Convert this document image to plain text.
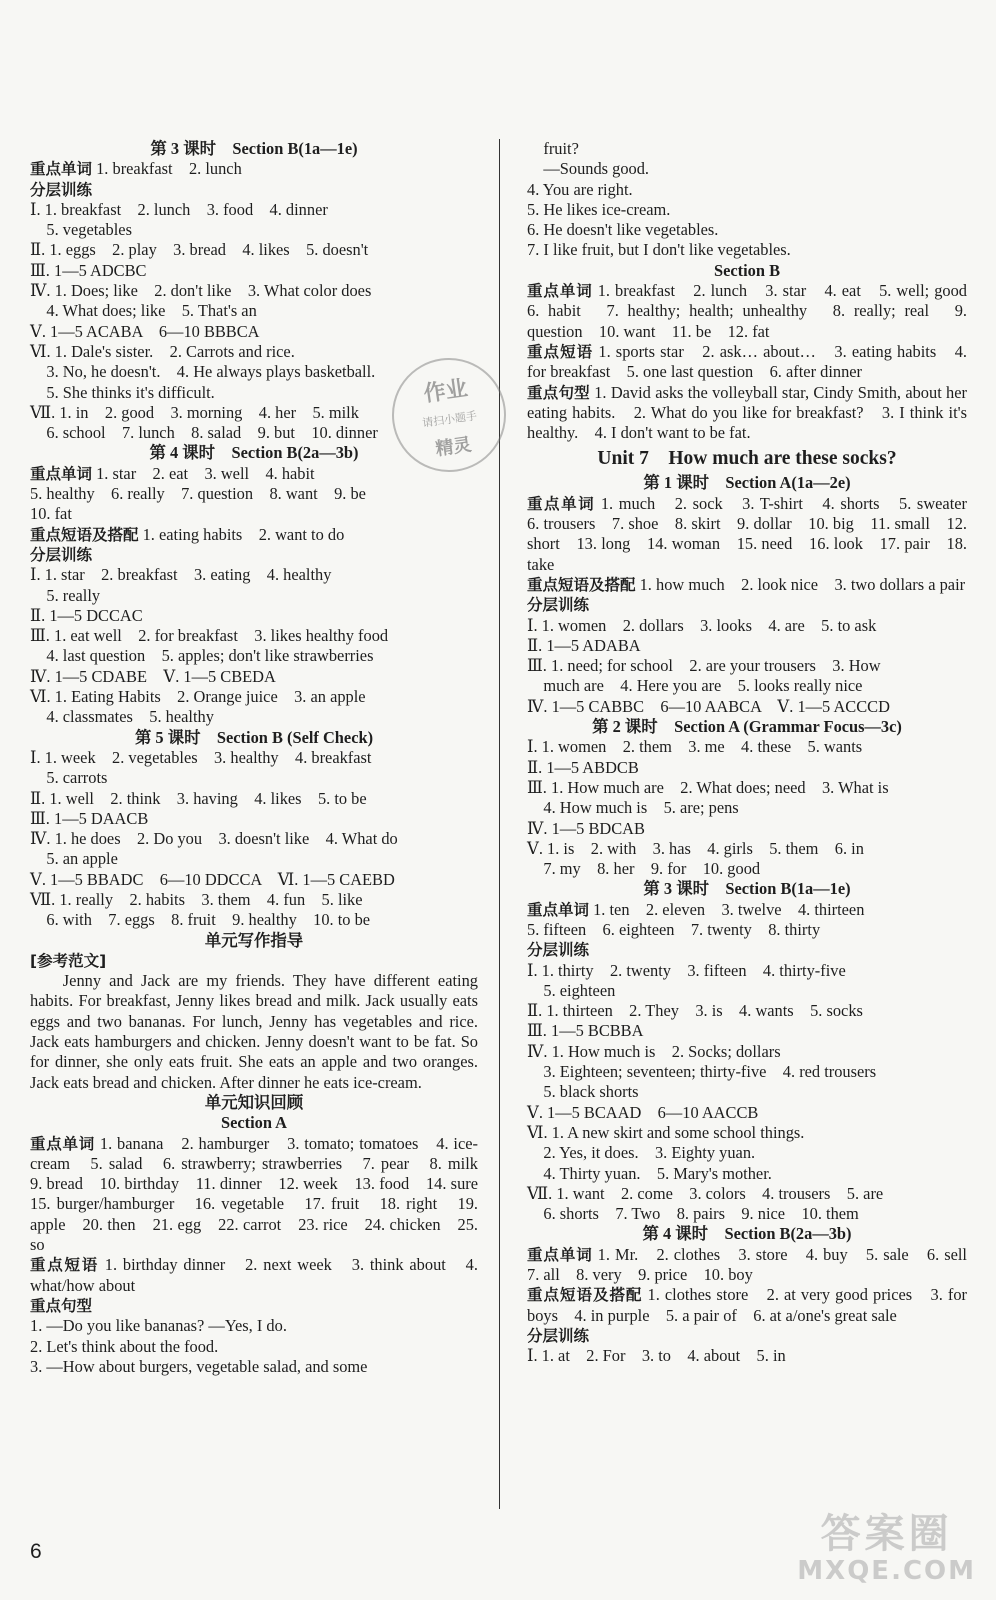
第 3 课时　Section B(1a—1e)
重点单词 1. breakfast　2. lunch
分层训练
Ⅰ. 1. breakfast　2. lunch　3. food　4. dinner
　5. vegetables
Ⅱ. 1. eggs　2. play　3. bread　4. likes　5. doesn't
Ⅲ. 1—5 ADCBC
Ⅳ. 1. Does; like　2. don't like　3. What color does
　4. What does; like　5. That's an
Ⅴ. 1—5 ACABA　6—10 BBBCA
Ⅵ. 1. Dale's sister.　2. Carrots and rice.
　3. No, he doesn't.　4. He always plays basketball.
　5. She thinks it's difficult.
Ⅶ. 1. in　2. good　3. morning　4. her　5. milk
　6. school　7. lunch　8. salad　9. but　10. dinner
第 4 课时　Section B(2a—3b)
重点单词 1. star　2. eat　3. well　4. habit
5. healthy　6. really　7. question　8. want　9. be
10. fat
重点短语及搭配 1. eating habits　2. want to do
分层训练
Ⅰ. 1. star　2. breakfast　3. eating　4. healthy
　5. really
Ⅱ. 1—5 DCCAC
Ⅲ. 1. eat well　2. for breakfast　3. likes healthy food
　4. last question　5. apples; don't like strawberries
Ⅳ. 1—5 CDABE　Ⅴ. 1—5 CBEDA
Ⅵ. 1. Eating Habits　2. Orange juice　3. an apple
　4. classmates　5. healthy
第 5 课时　Section B (Self Check)
Ⅰ. 1. week　2. vegetables　3. healthy　4. breakfast
　5. carrots
Ⅱ. 1. well　2. think　3. having　4. likes　5. to be
Ⅲ. 1—5 DAACB
Ⅳ. 1. he does　2. Do you　3. doesn't like　4. What do
　5. an apple
Ⅴ. 1—5 BBADC　6—10 DDCCA　Ⅵ. 1—5 CAEBD
Ⅶ. 1. really　2. habits　3. them　4. fun　5. like
　6. with　7. eggs　8. fruit　9. healthy　10. to be
单元写作指导
[参考范文]
Jenny and Jack are my friends. They have different eating habits. For breakfast, Jenny likes bread and milk. Jack usually eats eggs and two bananas. For lunch, Jenny has vegetables and rice. Jack eats hamburgers and chicken. Jenny doesn't want to be fat. So for dinner, she only eats fruit. She eats an apple and two oranges. Jack eats bread and chicken. After dinner he eats ice-cream.
单元知识回顾
Section A
重点单词 1. banana　2. hamburger　3. tomato; tomatoes　4. ice-cream　5. salad　6. strawberry; strawberries　7. pear　8. milk　9. bread　10. birthday　11. dinner　12. week　13. food　14. sure　15. burger/hamburger　16. vegetable　17. fruit　18. right　19. apple　20. then　21. egg　22. carrot　23. rice　24. chicken　25. so
重点短语 1. birthday dinner　2. next week　3. think about　4. what/how about
重点句型
1. —Do you like bananas? —Yes, I do.
2. Let's think about the food.
3. —How about burgers, vegetable salad, and some
　fruit?
　—Sounds good.
4. You are right.
5. He likes ice-cream.
6. He doesn't like vegetables.
7. I like fruit, but I don't like vegetables.
Section B
重点单词 1. breakfast　2. lunch　3. star　4. eat　5. well; good　6. habit　7. healthy; health; unhealthy　8. really; real　9. question　10. want　11. be　12. fat
重点短语 1. sports star　2. ask… about…　3. eating habits　4. for breakfast　5. one last question　6. after dinner
重点句型 1. David asks the volleyball star, Cindy Smith, about her eating habits.　2. What do you like for breakfast?　3. I think it's healthy.　4. I don't want to be fat.
Unit 7　How much are these socks?
第 1 课时　Section A(1a—2e)
重点单词 1. much　2. sock　3. T-shirt　4. shorts　5. sweater　6. trousers　7. shoe　8. skirt　9. dollar　10. big　11. small　12. short　13. long　14. woman　15. need　16. look　17. pair　18. take
重点短语及搭配 1. how much　2. look nice　3. two dollars a pair
分层训练
Ⅰ. 1. women　2. dollars　3. looks　4. are　5. to ask
Ⅱ. 1—5 ADABA
Ⅲ. 1. need; for school　2. are your trousers　3. How
　much are　4. Here you are　5. looks really nice
Ⅳ. 1—5 CABBC　6—10 AABCA　Ⅴ. 1—5 ACCCD
第 2 课时　Section A (Grammar Focus—3c)
Ⅰ. 1. women　2. them　3. me　4. these　5. wants
Ⅱ. 1—5 ABDCB
Ⅲ. 1. How much are　2. What does; need　3. What is
　4. How much is　5. are; pens
Ⅳ. 1—5 BDCAB
Ⅴ. 1. is　2. with　3. has　4. girls　5. them　6. in
　7. my　8. her　9. for　10. good
第 3 课时　Section B(1a—1e)
重点单词 1. ten　2. eleven　3. twelve　4. thirteen
5. fifteen　6. eighteen　7. twenty　8. thirty
分层训练
Ⅰ. 1. thirty　2. twenty　3. fifteen　4. thirty-five
　5. eighteen
Ⅱ. 1. thirteen　2. They　3. is　4. wants　5. socks
Ⅲ. 1—5 BCBBA
Ⅳ. 1. How much is　2. Socks; dollars
　3. Eighteen; seventeen; thirty-five　4. red trousers
　5. black shorts
Ⅴ. 1—5 BCAAD　6—10 AACCB
Ⅵ. 1. A new skirt and some school things.
　2. Yes, it does.　3. Eighty yuan.
　4. Thirty yuan.　5. Mary's mother.
Ⅶ. 1. want　2. come　3. colors　4. trousers　5. are
　6. shorts　7. Two　8. pairs　9. nice　10. them
第 4 课时　Section B(2a—3b)
重点单词 1. Mr.　2. clothes　3. store　4. buy　5. sale　6. sell　7. all　8. very　9. price　10. boy
重点短语及搭配 1. clothes store　2. at very good prices　3. for boys　4. in purple　5. a pair of　6. at a/one's great sale
分层训练
Ⅰ. 1. at　2. For　3. to　4. about　5. in
作业
请扫小题手
精灵
6	答案圈
MXQE.COM
